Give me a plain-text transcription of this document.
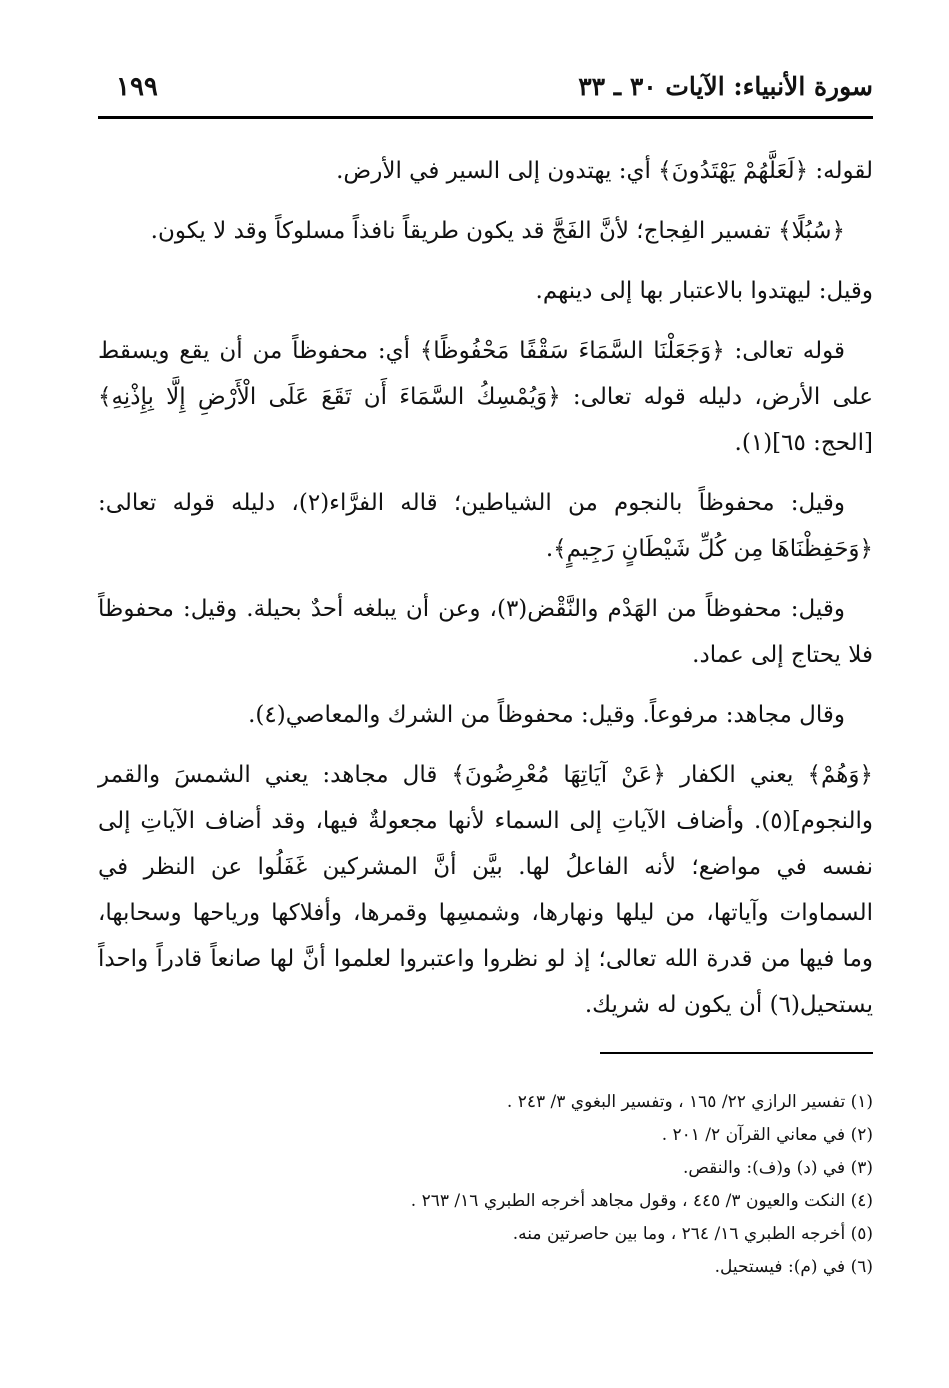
سورة الأنبياء: الآيات ٣٠ ـ ٣٣
١٩٩

لقوله: ﴿لَعَلَّهُمْ يَهْتَدُونَ﴾ أي: يهتدون إلى السير في الأرض.

﴿سُبُلًا﴾ تفسير الفِجاج؛ لأنَّ الفَجَّ قد يكون طريقاً نافذاً مسلوكاً وقد لا يكون.

وقيل: ليهتدوا بالاعتبار بها إلى دينهم.

قوله تعالى: ﴿وَجَعَلْنَا السَّمَاءَ سَقْفًا مَحْفُوظًا﴾ أي: محفوظاً من أن يقع ويسقط على الأرض، دليله قوله تعالى: ﴿وَيُمْسِكُ السَّمَاءَ أَن تَقَعَ عَلَى الْأَرْضِ إِلَّا بِإِذْنِهِ﴾ [الحج: ٦٥](١).

وقيل: محفوظاً بالنجوم من الشياطين؛ قاله الفرَّاء(٢)، دليله قوله تعالى: ﴿وَحَفِظْنَاهَا مِن كُلِّ شَيْطَانٍ رَجِيمٍ﴾.

وقيل: محفوظاً من الهَدْم والنَّقْض(٣)، وعن أن يبلغه أحدٌ بحيلة. وقيل: محفوظاً فلا يحتاج إلى عماد.

وقال مجاهد: مرفوعاً. وقيل: محفوظاً من الشرك والمعاصي(٤).

﴿وَهُمْ﴾ يعني الكفار ﴿عَنْ آيَاتِهَا مُعْرِضُونَ﴾ قال مجاهد: يعني الشمسَ والقمر والنجوم](٥). وأضاف الآياتِ إلى السماء لأنها مجعولةٌ فيها، وقد أضاف الآياتِ إلى نفسه في مواضع؛ لأنه الفاعلُ لها. بيَّن أنَّ المشركين غَفَلُوا عن النظر في السماوات وآياتها، من ليلها ونهارها، وشمسِها وقمرها، وأفلاكها ورياحها وسحابها، وما فيها من قدرة الله تعالى؛ إذ لو نظروا واعتبروا لعلموا أنَّ لها صانعاً قادراً واحداً يستحيل(٦) أن يكون له شريك.

(١) تفسير الرازي ٢٢/ ١٦٥ ، وتفسير البغوي ٣/ ٢٤٣ .
(٢) في معاني القرآن ٢/ ٢٠١ .
(٣) في (د) و(ف): والنقص.
(٤) النكت والعيون ٣/ ٤٤٥ ، وقول مجاهد أخرجه الطبري ١٦/ ٢٦٣ .
(٥) أخرجه الطبري ١٦/ ٢٦٤ ، وما بين حاصرتين منه.
(٦) في (م): فيستحيل.
